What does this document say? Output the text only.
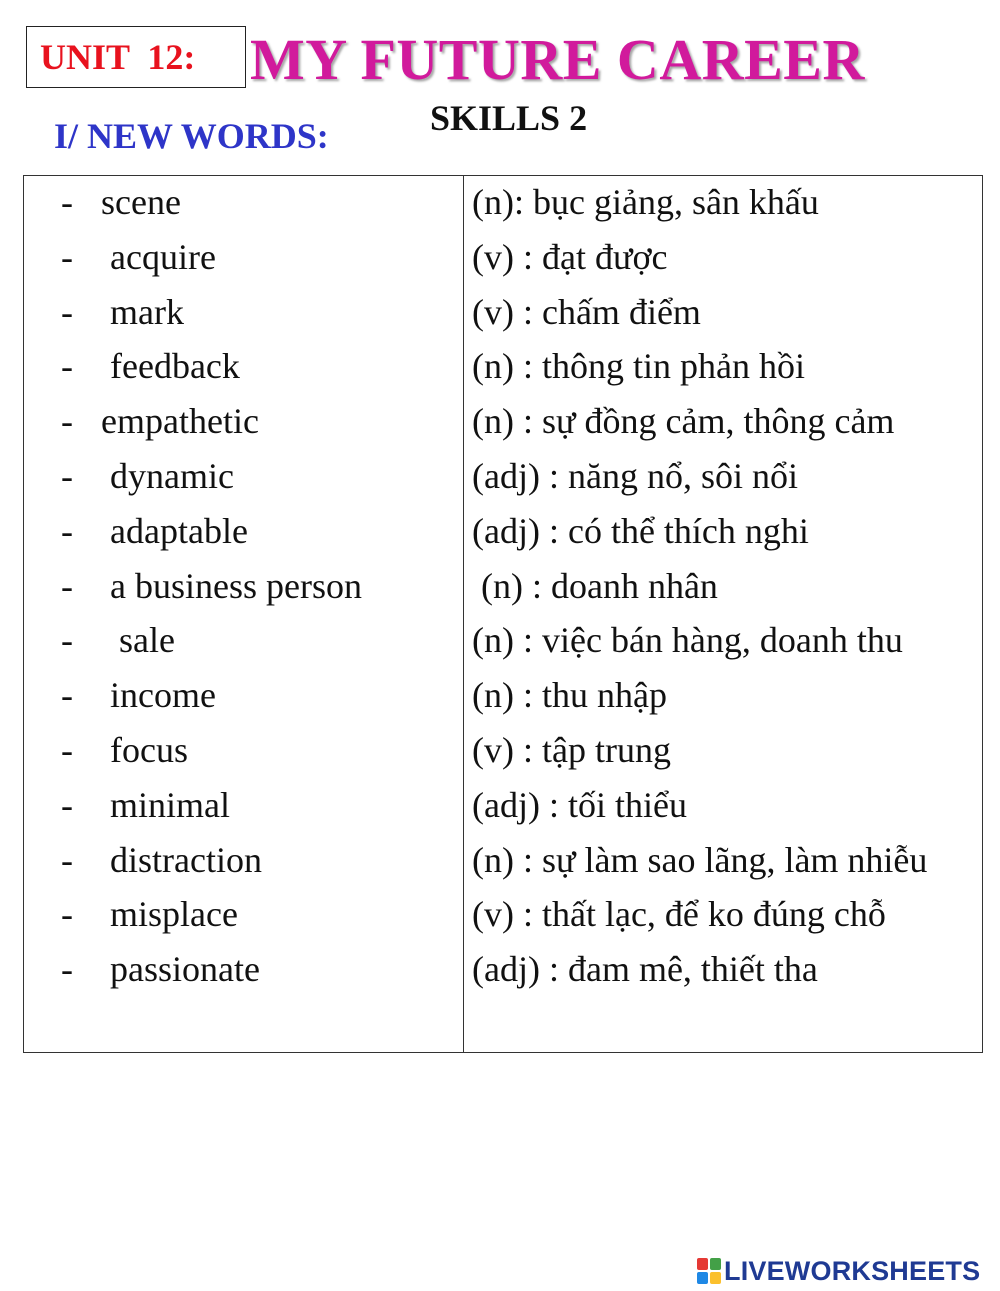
UNIT  12: MY FUTURE CAREER
SKILLS 2
I/ NEW WORDS:
- scene	(n): bục giảng, sân khấu
- acquire	(v) : đạt được
- mark	(v) : chấm điểm
- feedback	(n) : thông tin phản hồi
- empathetic	(n) : sự đồng cảm, thông cảm
- dynamic	(adj) : năng nổ, sôi nổi
- adaptable	(adj) : có thể thích nghi
- a business person	(n) : doanh nhân
- sale	(n) : việc bán hàng, doanh thu
- income	(n) : thu nhập
- focus	(v) : tập trung
- minimal	(adj) : tối thiểu
- distraction	(n) : sự làm sao lãng, làm nhiễu
- misplace	(v) : thất lạc, để ko đúng chỗ
- passionate	(adj) : đam mê, thiết tha
LIVEWORKSHEETS
